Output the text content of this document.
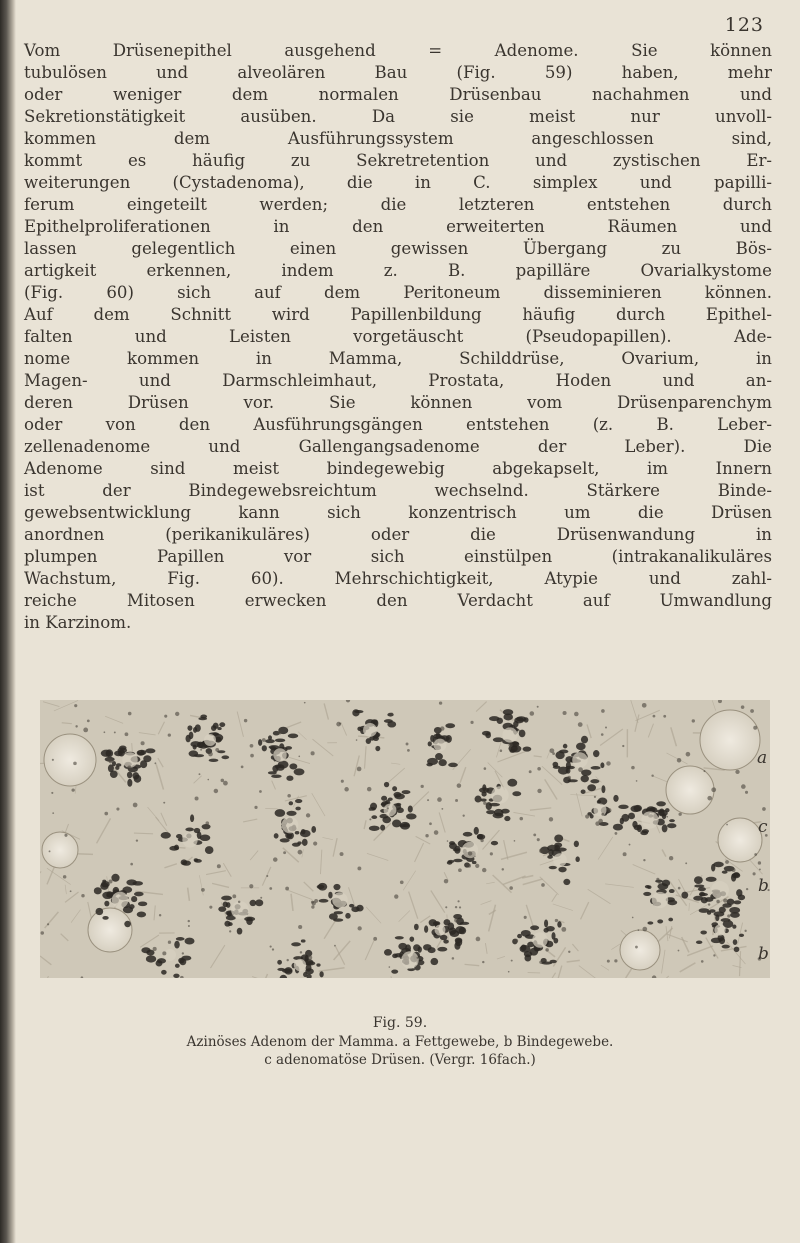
123
Vom Drüsenepithel ausgehend = Adenome. Sie können
tubulösen und alveolären Bau (Fig. 59) haben, mehr
oder weniger dem normalen Drüsenbau nachahmen und
Sekretionstätigkeit ausüben. Da sie meist nur unvoll-
kommen dem Ausführungssystem angeschlossen sind,
kommt es häufig zu Sekretretention und zystischen Er-
weiterungen (Cystadenoma), die in C. simplex und papilli-
ferum eingeteilt werden; die letzteren entstehen durch
Epithelproliferationen in den erweiterten Räumen und
lassen gelegentlich einen gewissen Übergang zu Bös-
artigkeit erkennen, indem z. B. papilläre Ovarialkystome
(Fig. 60) sich auf dem Peritoneum disseminieren können.
Auf dem Schnitt wird Papillenbildung häufig durch Epithel-
falten und Leisten vorgetäuscht (Pseudopapillen). Ade-
nome kommen in Mamma, Schilddrüse, Ovarium, in
Magen- und Darmschleimhaut, Prostata, Hoden und an-
deren Drüsen vor. Sie können vom Drüsenparenchym
oder von den Ausführungsgängen entstehen (z. B. Leber-
zellenadenome und Gallengangsadenome der Leber). Die
Adenome sind meist bindegewebig abgekapselt, im Innern
ist der Bindegewebsreichtum wechselnd. Stärkere Binde-
gewebsentwicklung kann sich konzentrisch um die Drüsen
anordnen (perikanikuläres) oder die Drüsenwandung in
plumpen Papillen vor sich einstülpen (intrakanalikuläres
Wachstum, Fig. 60). Mehrschichtigkeit, Atypie und zahl-
reiche Mitosen erwecken den Verdacht auf Umwandlung
in Karzinom.
a
c
b
b
Fig. 59.
Azinöses Adenom der Mamma. a Fettgewebe, b Bindegewebe.
c adenomatöse Drüsen. (Vergr. 16fach.)
